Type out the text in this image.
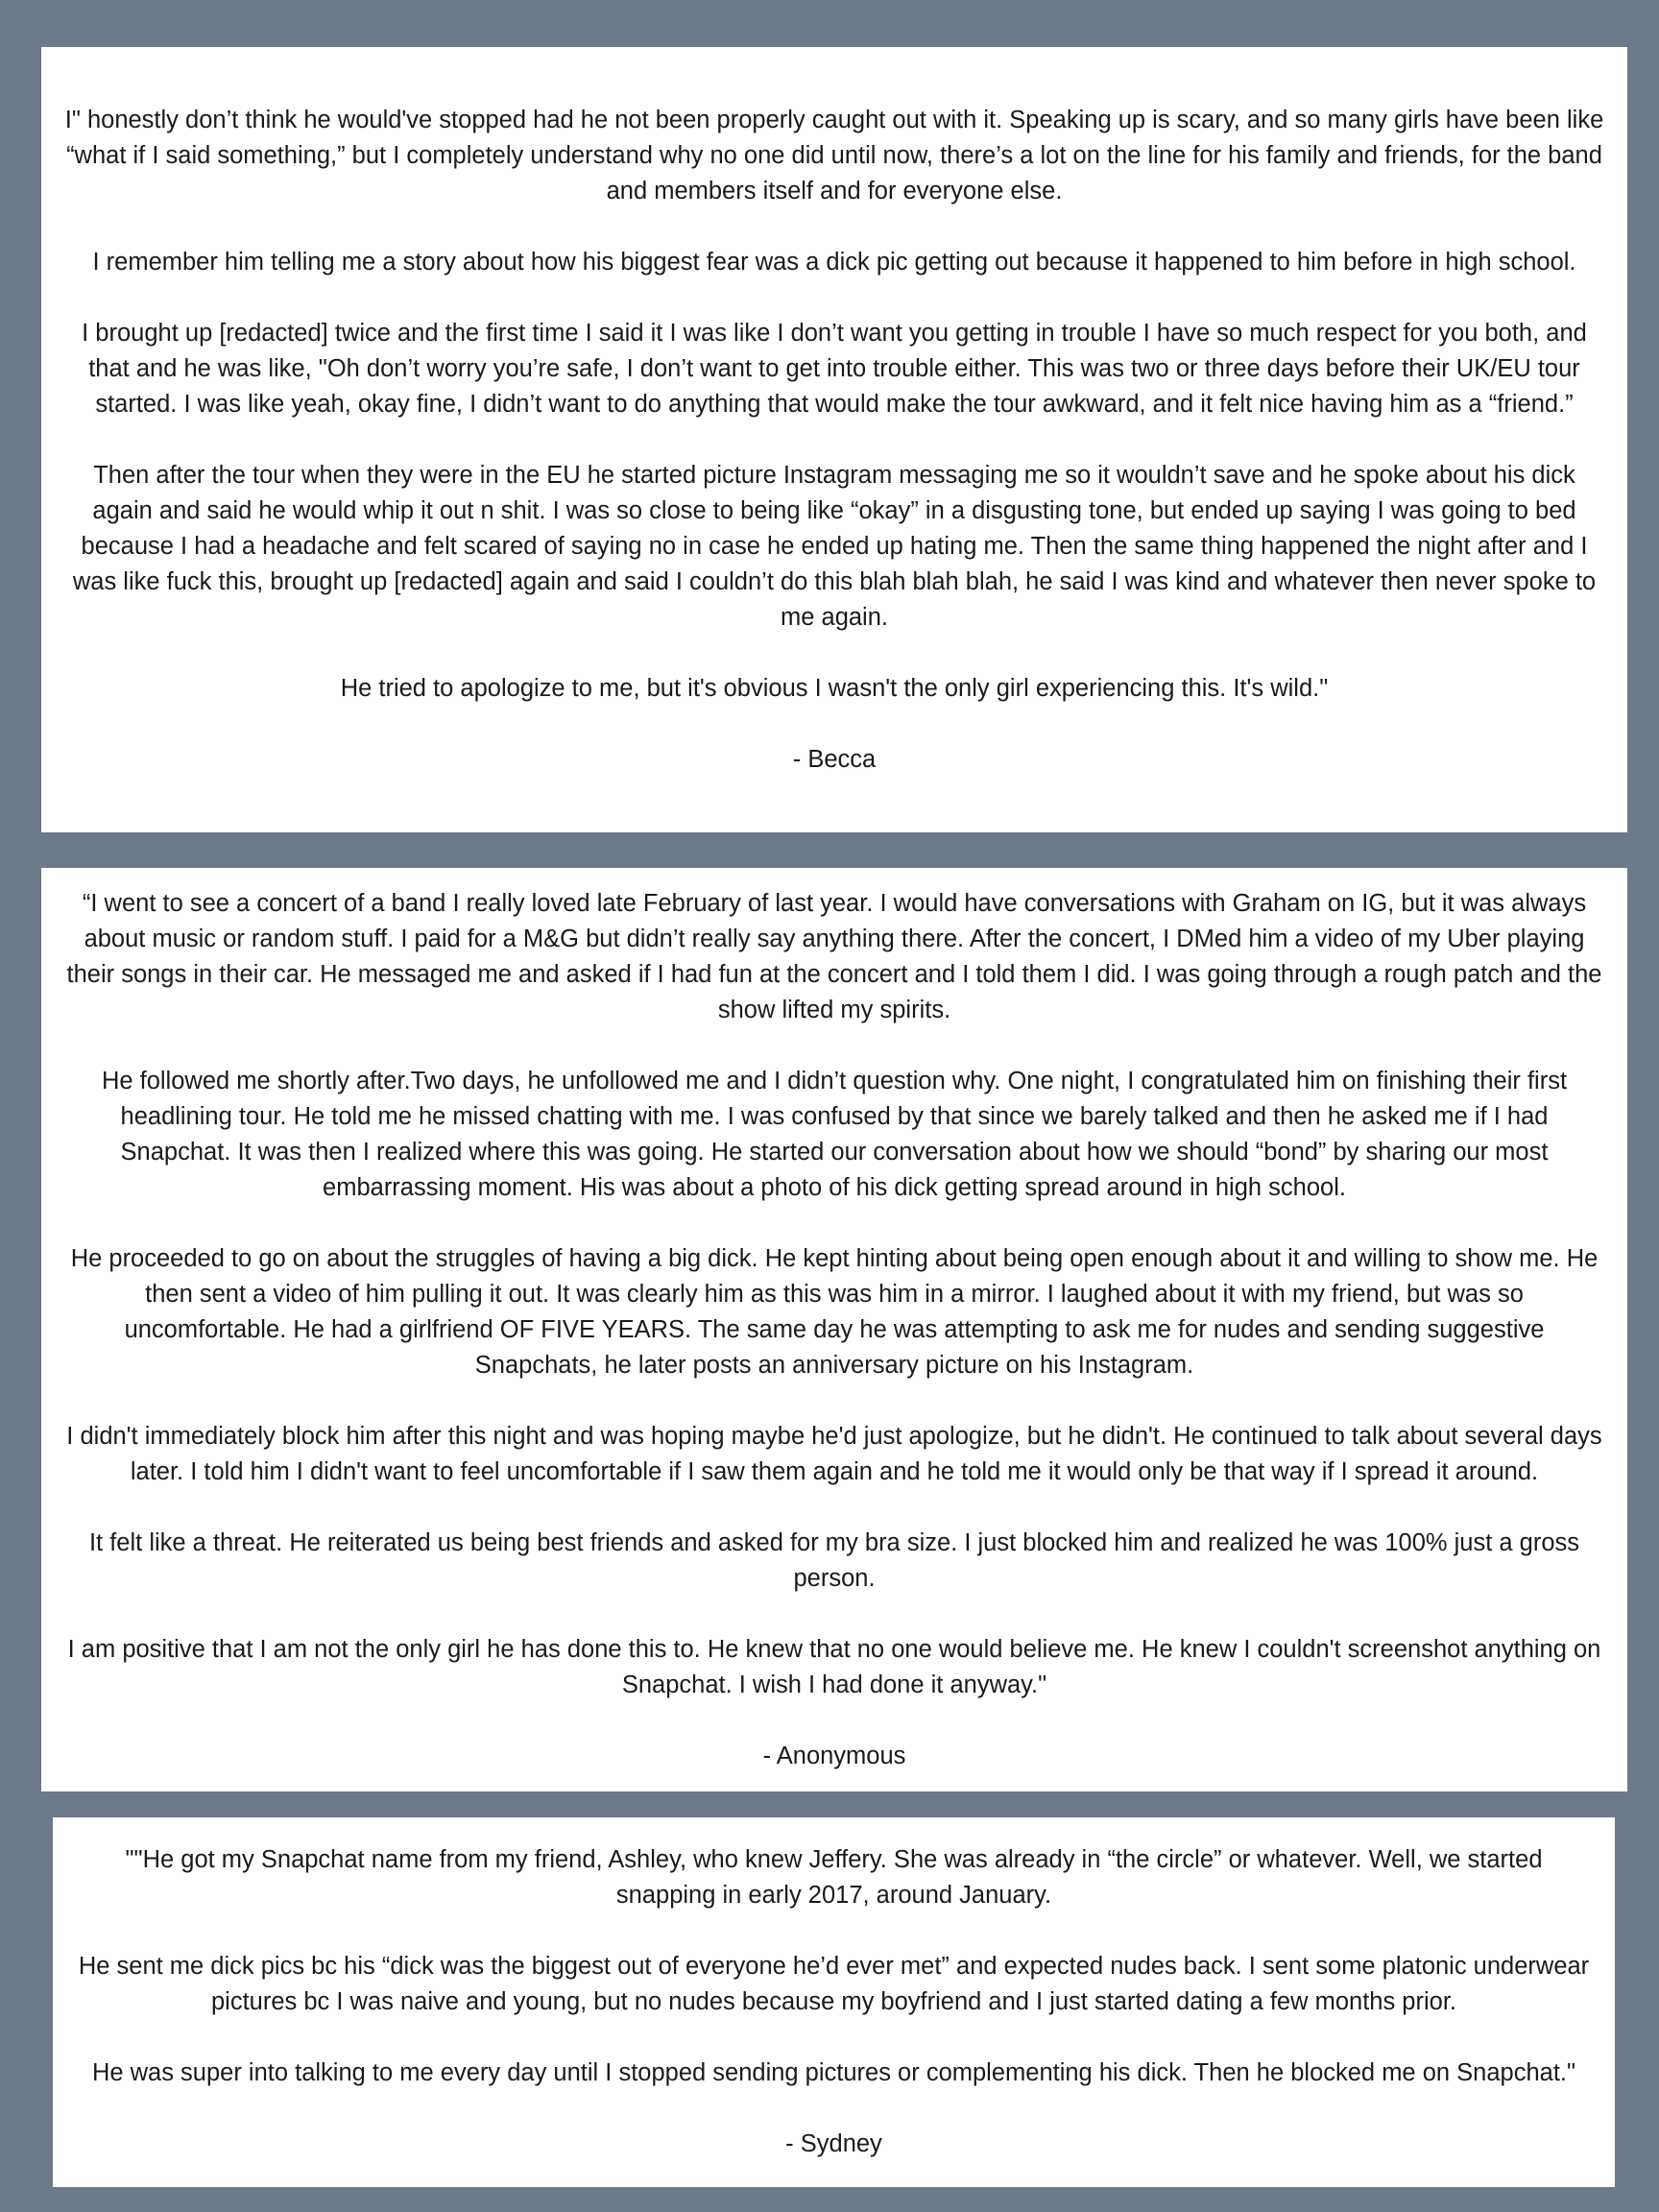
I" honestly don’t think he would've stopped had he not been properly caught out with it. Speaking up is scary, and so many girls have been like “what if I said something,” but I completely understand why no one did until now, there’s a lot on the line for his family and friends, for the band and members itself and for everyone else.

I remember him telling me a story about how his biggest fear was a dick pic getting out because it happened to him before in high school.

I brought up [redacted] twice and the first time I said it I was like I don’t want you getting in trouble I have so much respect for you both, and that and he was like, "Oh don’t worry you’re safe, I don’t want to get into trouble either. This was two or three days before their UK/EU tour started. I was like yeah, okay fine, I didn’t want to do anything that would make the tour awkward, and it felt nice having him as a “friend.”

Then after the tour when they were in the EU he started picture Instagram messaging me so it wouldn’t save and he spoke about his dick again and said he would whip it out n shit. I was so close to being like “okay” in a disgusting tone, but ended up saying I was going to bed because I had a headache and felt scared of saying no in case he ended up hating me. Then the same thing happened the night after and I was like fuck this, brought up [redacted] again and said I couldn’t do this blah blah blah, he said I was kind and whatever then never spoke to me again.

He tried to apologize to me, but it's obvious I wasn't the only girl experiencing this. It's wild."

- Becca

“I went to see a concert of a band I really loved late February of last year. I would have conversations with Graham on IG, but it was always about music or random stuff. I paid for a M&G but didn’t really say anything there. After the concert, I DMed him a video of my Uber playing their songs in their car. He messaged me and asked if I had fun at the concert and I told them I did. I was going through a rough patch and the show lifted my spirits.

He followed me shortly after.Two days, he unfollowed me and I didn’t question why. One night, I congratulated him on finishing their first headlining tour. He told me he missed chatting with me. I was confused by that since we barely talked and then he asked me if I had Snapchat. It was then I realized where this was going. He started our conversation about how we should “bond” by sharing our most embarrassing moment. His was about a photo of his dick getting spread around in high school.

He proceeded to go on about the struggles of having a big dick. He kept hinting about being open enough about it and willing to show me. He then sent a video of him pulling it out. It was clearly him as this was him in a mirror. I laughed about it with my friend, but was so uncomfortable. He had a girlfriend OF FIVE YEARS. The same day he was attempting to ask me for nudes and sending suggestive Snapchats, he later posts an anniversary picture on his Instagram.

I didn't immediately block him after this night and was hoping maybe he'd just apologize, but he didn't. He continued to talk about several days later. I told him I didn't want to feel uncomfortable if I saw them again and he told me it would only be that way if I spread it around.

It felt like a threat. He reiterated us being best friends and asked for my bra size. I just blocked him and realized he was 100% just a gross person.

I am positive that I am not the only girl he has done this to. He knew that no one would believe me. He knew I couldn't screenshot anything on Snapchat. I wish I had done it anyway."

- Anonymous

""He got my Snapchat name from my friend, Ashley, who knew Jeffery. She was already in “the circle” or whatever. Well, we started snapping in early 2017, around January.

He sent me dick pics bc his “dick was the biggest out of everyone he’d ever met” and expected nudes back. I sent some platonic underwear pictures bc I was naive and young, but no nudes because my boyfriend and I just started dating a few months prior.

He was super into talking to me every day until I stopped sending pictures or complementing his dick. Then he blocked me on Snapchat."

- Sydney
